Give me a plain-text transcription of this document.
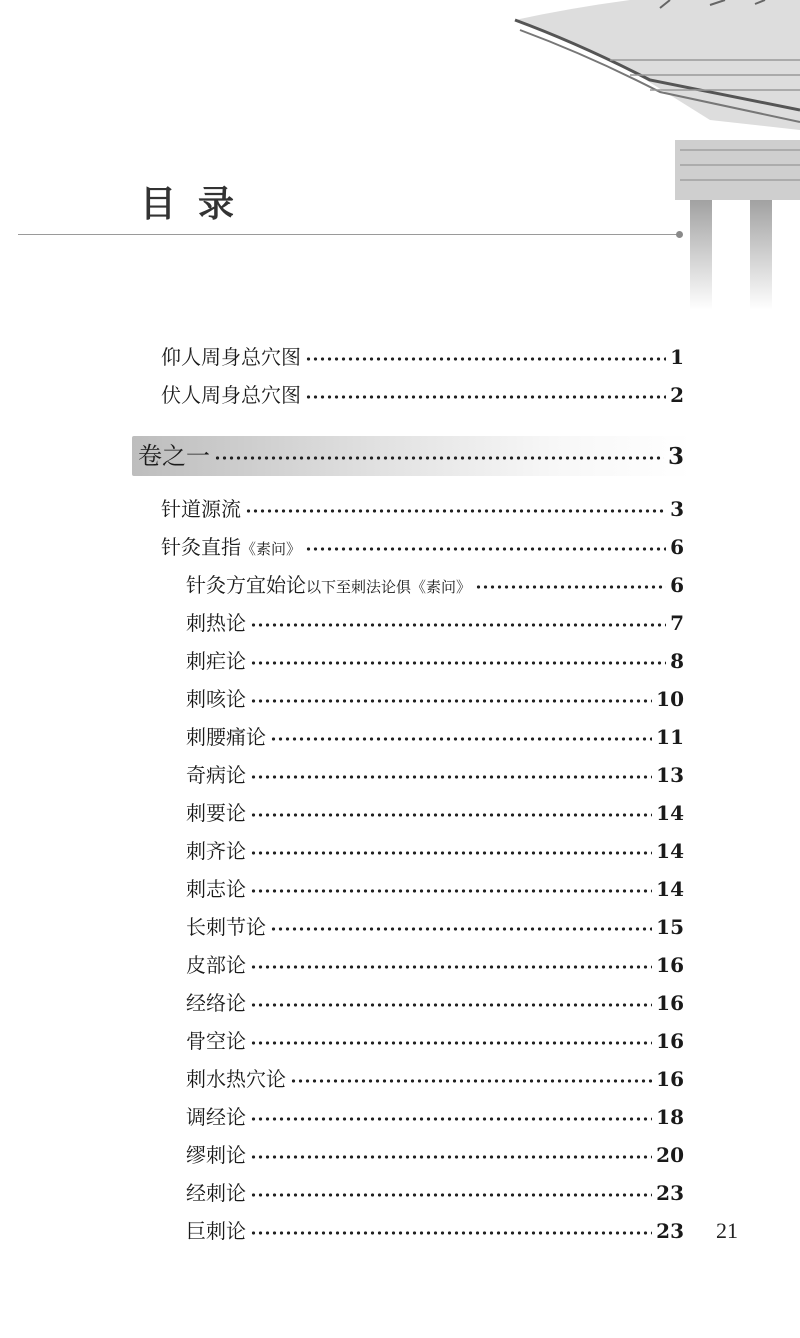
目录
仰人周身总穴图	1
伏人周身总穴图	2
卷之一	3
针道源流	3
针灸直指 《素问》	6
针灸方宜始论 以下至刺法论俱《素问》	6
刺热论	7
刺疟论	8
刺咳论	10
刺腰痛论	11
奇病论	13
刺要论	14
刺齐论	14
刺志论	14
长刺节论	15
皮部论	16
经络论	16
骨空论	16
刺水热穴论	16
调经论	18
缪刺论	20
经刺论	23
巨刺论	23 21
